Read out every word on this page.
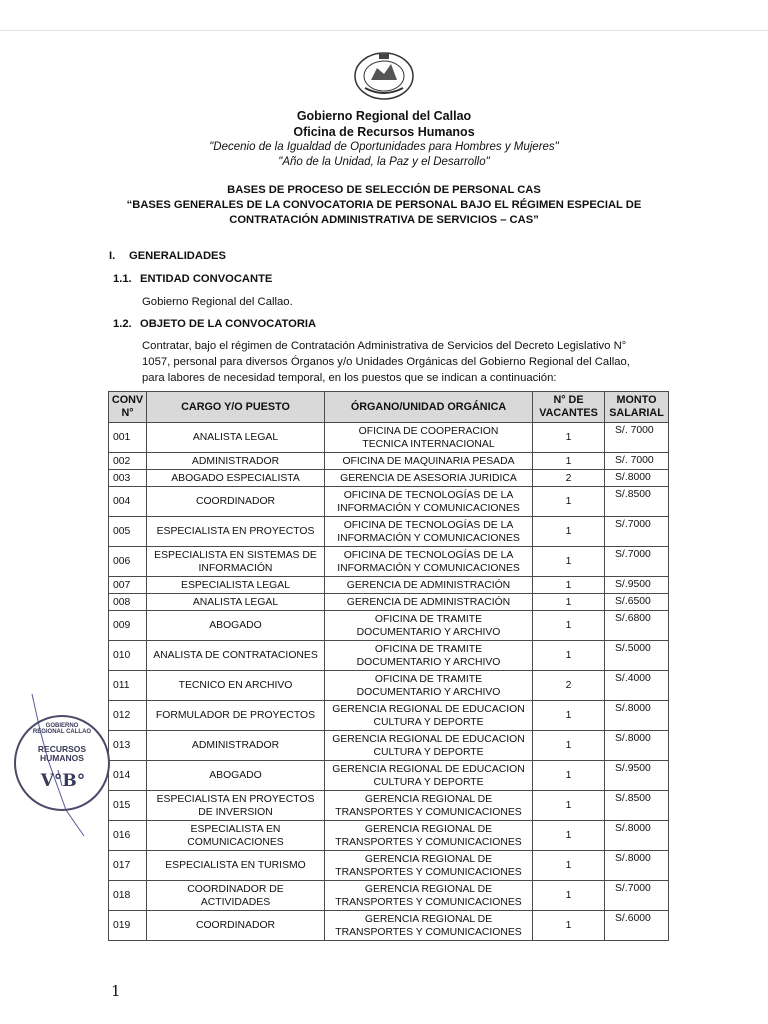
Gobierno Regional del Callao
Oficina de Recursos Humanos
"Decenio de la Igualdad de Oportunidades para Hombres y Mujeres"
"Año de la Unidad, la Paz y el Desarrollo"
BASES DE PROCESO DE SELECCIÓN DE PERSONAL CAS
“BASES GENERALES DE LA CONVOCATORIA DE PERSONAL BAJO EL RÉGIMEN ESPECIAL DE
CONTRATACIÓN ADMINISTRATIVA DE SERVICIOS – CAS”
I. GENERALIDADES
1.1. ENTIDAD CONVOCANTE
Gobierno Regional del Callao.
1.2. OBJETO DE LA CONVOCATORIA
Contratar, bajo el régimen de Contratación Administrativa de Servicios del Decreto Legislativo N°
1057, personal para diversos Órganos y/o Unidades Orgánicas del Gobierno Regional del Callao,
para labores de necesidad temporal, en los puestos que se indican a continuación:
CONV
N°	CARGO Y/O PUESTO	ÓRGANO/UNIDAD ORGÁNICA	N° DE
VACANTES	MONTO
SALARIAL
001	ANALISTA LEGAL	OFICINA DE COOPERACION
TECNICA INTERNACIONAL	1	S/. 7000
002	ADMINISTRADOR	OFICINA DE MAQUINARIA PESADA	1	S/. 7000
003	ABOGADO ESPECIALISTA	GERENCIA DE ASESORIA JURIDICA	2	S/.8000
004	COORDINADOR	OFICINA DE TECNOLOGÍAS DE LA
INFORMACIÓN Y COMUNICACIONES	1	S/.8500
005	ESPECIALISTA EN PROYECTOS	OFICINA DE TECNOLOGÍAS DE LA
INFORMACIÓN Y COMUNICACIONES	1	S/.7000
006	ESPECIALISTA EN SISTEMAS DE
INFORMACIÓN	OFICINA DE TECNOLOGÍAS DE LA
INFORMACIÓN Y COMUNICACIONES	1	S/.7000
007	ESPECIALISTA LEGAL	GERENCIA DE ADMINISTRACIÓN	1	S/.9500
008	ANALISTA LEGAL	GERENCIA DE ADMINISTRACIÓN	1	S/.6500
009	ABOGADO	OFICINA DE TRAMITE
DOCUMENTARIO Y ARCHIVO	1	S/.6800
010	ANALISTA DE CONTRATACIONES	OFICINA DE TRAMITE
DOCUMENTARIO Y ARCHIVO	1	S/.5000
011	TECNICO EN ARCHIVO	OFICINA DE TRAMITE
DOCUMENTARIO Y ARCHIVO	2	S/.4000
012	FORMULADOR DE PROYECTOS	GERENCIA REGIONAL DE EDUCACION
CULTURA Y DEPORTE	1	S/.8000
013	ADMINISTRADOR	GERENCIA REGIONAL DE EDUCACION
CULTURA Y DEPORTE	1	S/.8000
014	ABOGADO	GERENCIA REGIONAL DE EDUCACION
CULTURA Y DEPORTE	1	S/.9500
015	ESPECIALISTA EN PROYECTOS
DE INVERSION	GERENCIA REGIONAL DE
TRANSPORTES Y COMUNICACIONES	1	S/.8500
016	ESPECIALISTA EN
COMUNICACIONES	GERENCIA REGIONAL DE
TRANSPORTES Y COMUNICACIONES	1	S/.8000
017	ESPECIALISTA EN TURISMO	GERENCIA REGIONAL DE
TRANSPORTES Y COMUNICACIONES	1	S/.8000
018	COORDINADOR DE
ACTIVIDADES	GERENCIA REGIONAL DE
TRANSPORTES Y COMUNICACIONES	1	S/.7000
019	COORDINADOR	GERENCIA REGIONAL DE
TRANSPORTES Y COMUNICACIONES	1	S/.6000
GOBIERNO REGIONAL CALLAO
RECURSOS
HUMANOS
V°B°
1
